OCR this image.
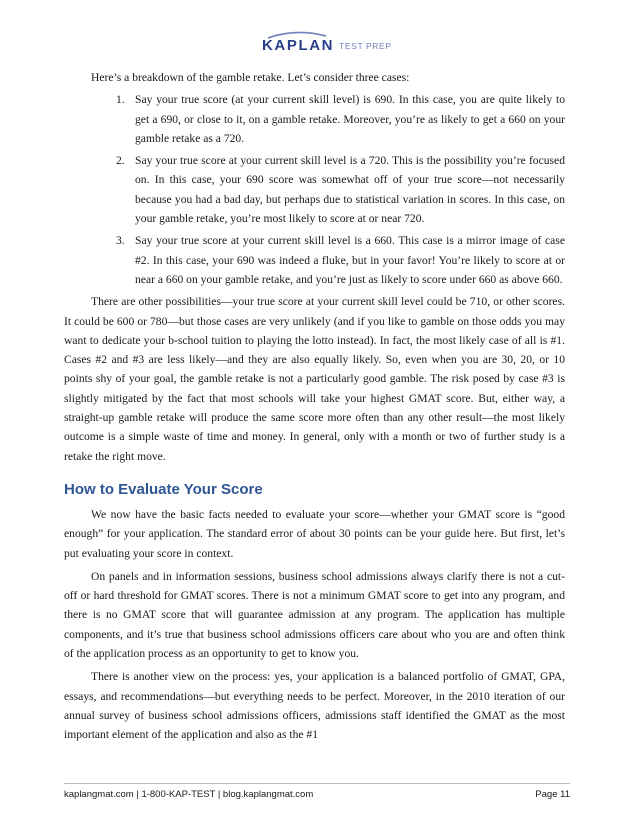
KAPLAN TEST PREP

Here’s a breakdown of the gamble retake. Let’s consider three cases:

1. Say your true score (at your current skill level) is 690. In this case, you are quite likely to get a 690, or close to it, on a gamble retake. Moreover, you’re as likely to get a 660 on your gamble retake as a 720.
2. Say your true score at your current skill level is a 720. This is the possibility you’re focused on. In this case, your 690 score was somewhat off of your true score—not necessarily because you had a bad day, but perhaps due to statistical variation in scores. In this case, on your gamble retake, you’re most likely to score at or near 720.
3. Say your true score at your current skill level is a 660. This case is a mirror image of case #2. In this case, your 690 was indeed a fluke, but in your favor! You’re likely to score at or near a 660 on your gamble retake, and you’re just as likely to score under 660 as above 660.

There are other possibilities—your true score at your current skill level could be 710, or other scores. It could be 600 or 780—but those cases are very unlikely (and if you like to gamble on those odds you may want to dedicate your b-school tuition to playing the lotto instead). In fact, the most likely case of all is #1. Cases #2 and #3 are less likely—and they are also equally likely. So, even when you are 30, 20, or 10 points shy of your goal, the gamble retake is not a particularly good gamble. The risk posed by case #3 is slightly mitigated by the fact that most schools will take your highest GMAT score. But, either way, a straight-up gamble retake will produce the same score more often than any other result—the most likely outcome is a simple waste of time and money. In general, only with a month or two of further study is a retake the right move.

How to Evaluate Your Score

We now have the basic facts needed to evaluate your score—whether your GMAT score is “good enough” for your application. The standard error of about 30 points can be your guide here. But first, let’s put evaluating your score in context.

On panels and in information sessions, business school admissions always clarify there is not a cut-off or hard threshold for GMAT scores. There is not a minimum GMAT score to get into any program, and there is no GMAT score that will guarantee admission at any program. The application has multiple components, and it’s true that business school admissions officers care about who you are and often think of the application process as an opportunity to get to know you.

There is another view on the process: yes, your application is a balanced portfolio of GMAT, GPA, essays, and recommendations—but everything needs to be perfect. Moreover, in the 2010 iteration of our annual survey of business school admissions officers, admissions staff identified the GMAT as the most important element of the application and also as the #1

kaplangmat.com | 1-800-KAP-TEST | blog.kaplangmat.com	Page 11
